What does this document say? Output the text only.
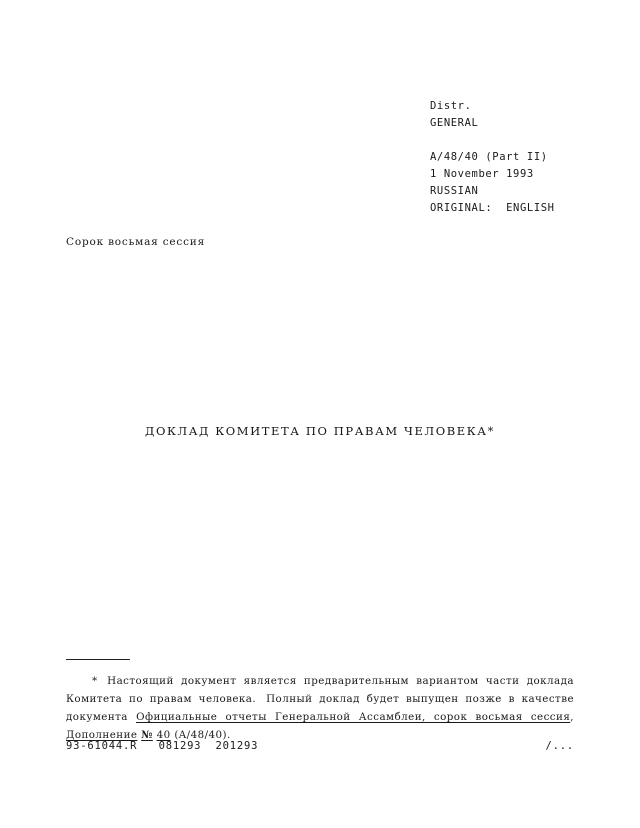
Distr.
GENERAL

A/48/40 (Part II)
1 November 1993
RUSSIAN
ORIGINAL:  ENGLISH
Сорок восьмая сессия
ДОКЛАД КОМИТЕТА ПО ПРАВАМ ЧЕЛОВЕКА*
* Настоящий документ является предварительным вариантом части доклада Комитета по правам человека. Полный доклад будет выпущен позже в качестве документа Официальные отчеты Генеральной Ассамблеи, сорок восьмая сессия, Дополнение № 40 (A/48/40).
93-61044.R   081293  201293	/...
